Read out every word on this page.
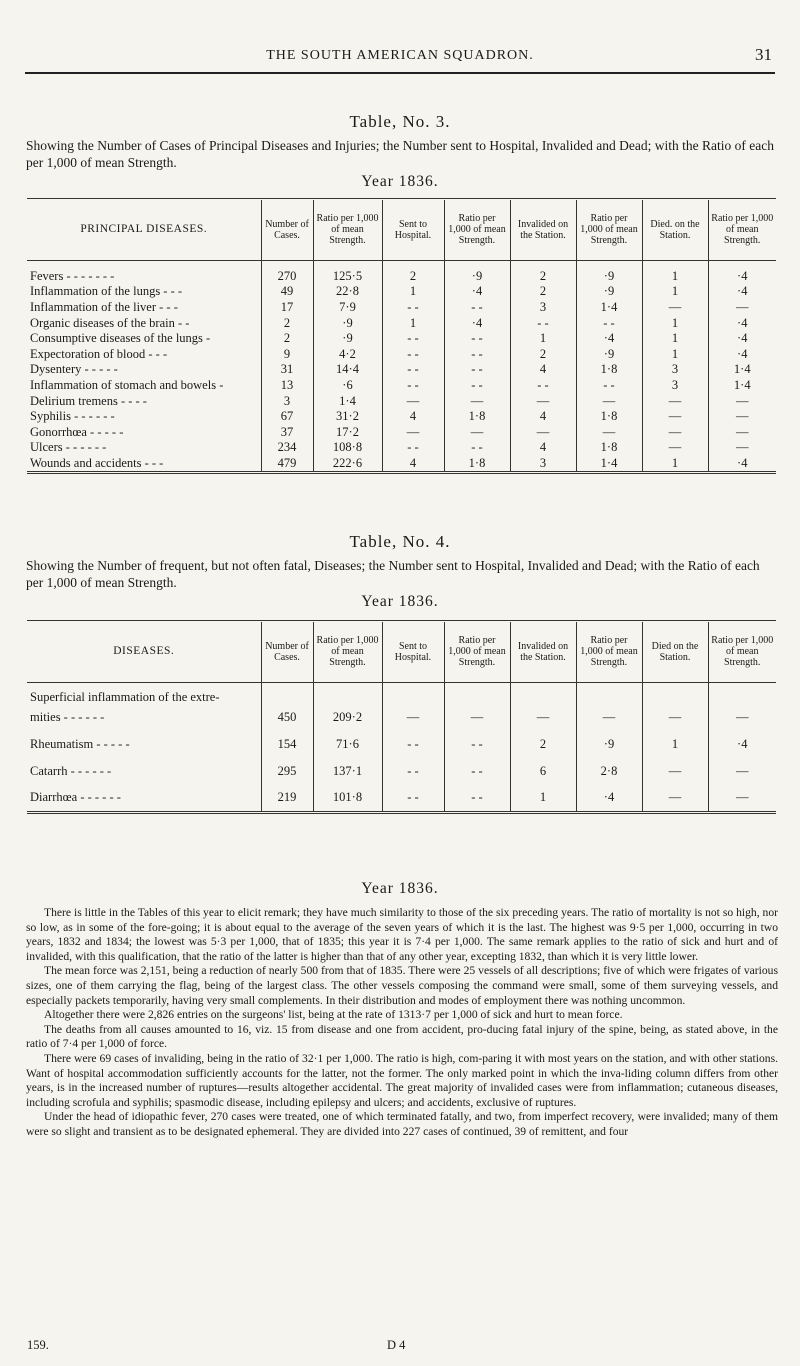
THE SOUTH AMERICAN SQUADRON.	31
Table, No. 3.
Showing the Number of Cases of Principal Diseases and Injuries; the Number sent to Hospital, Invalided and Dead; with the Ratio of each per 1,000 of mean Strength.
Year 1836.
PRINCIPAL DISEASES.	Number of Cases.	Ratio per 1,000 of mean Strength.	Sent to Hospital.	Ratio per 1,000 of mean Strength.	Invalided on the Station.	Ratio per 1,000 of mean Strength.	Died. on the Station.	Ratio per 1,000 of mean Strength.
Fevers - - - - - - -	270	125·5	2	·9	2	·9	1	·4
Inflammation of the lungs - - -	49	22·8	1	·4	2	·9	1	·4
Inflammation of the liver - - -	17	7·9	- -	- -	3	1·4	—	—
Organic diseases of the brain - -	2	·9	1	·4	- -	- -	1	·4
Consumptive diseases of the lungs -	2	·9	- -	- -	1	·4	1	·4
Expectoration of blood - - -	9	4·2	- -	- -	2	·9	1	·4
Dysentery - - - - -	31	14·4	- -	- -	4	1·8	3	1·4
Inflammation of stomach and bowels -	13	·6	- -	- -	- -	- -	3	1·4
Delirium tremens - - - -	3	1·4	—	—	—	—	—	—
Syphilis - - - - - -	67	31·2	4	1·8	4	1·8	—	—
Gonorrhœa - - - - -	37	17·2	—	—	—	—	—	—
Ulcers - - - - - -	234	108·8	- -	- -	4	1·8	—	—
Wounds and accidents - - -	479	222·6	4	1·8	3	1·4	1	·4
Table, No. 4.
Showing the Number of frequent, but not often fatal, Diseases; the Number sent to Hospital, Invalided and Dead; with the Ratio of each per 1,000 of mean Strength.
Year 1836.
DISEASES.	Number of Cases.	Ratio per 1,000 of mean Strength.	Sent to Hospital.	Ratio per 1,000 of mean Strength.	Invalided on the Station.	Ratio per 1,000 of mean Strength.	Died on the Station.	Ratio per 1,000 of mean Strength.
Superficial inflammation of the extre-								
mities - - - - - -	450	209·2	—	—	—	—	—	—
Rheumatism - - - - -	154	71·6	- -	- -	2	·9	1	·4
Catarrh - - - - - -	295	137·1	- -	- -	6	2·8	—	—
Diarrhœa - - - - - -	219	101·8	- -	- -	1	·4	—	—
Year 1836.

There is little in the Tables of this year to elicit remark; they have much similarity to those of the six preceding years. The ratio of mortality is not so high, nor so low, as in some of the fore-going; it is about equal to the average of the seven years of which it is the last. The highest was 9·5 per 1,000, occurring in two years, 1832 and 1834; the lowest was 5·3 per 1,000, that of 1835; this year it is 7·4 per 1,000. The same remark applies to the ratio of sick and hurt and of invalided, with this qualification, that the ratio of the latter is higher than that of any other year, excepting 1832, than which it is very little lower.

The mean force was 2,151, being a reduction of nearly 500 from that of 1835. There were 25 vessels of all descriptions; five of which were frigates of various sizes, one of them carrying the flag, being of the largest class. The other vessels composing the command were small, some of them surveying vessels, and especially packets temporarily, having very small complements. In their distribution and modes of employment there was nothing uncommon.

Altogether there were 2,826 entries on the surgeons' list, being at the rate of 1313·7 per 1,000 of sick and hurt to mean force.

The deaths from all causes amounted to 16, viz. 15 from disease and one from accident, pro-ducing fatal injury of the spine, being, as stated above, in the ratio of 7·4 per 1,000 of force.

There were 69 cases of invaliding, being in the ratio of 32·1 per 1,000. The ratio is high, com-paring it with most years on the station, and with other stations. Want of hospital accommodation sufficiently accounts for the latter, not the former. The only marked point in which the inva-liding column differs from other years, is in the increased number of ruptures—results altogether accidental. The great majority of invalided cases were from inflammation; cutaneous diseases, including scrofula and syphilis; spasmodic disease, including epilepsy and ulcers; and accidents, exclusive of ruptures.

Under the head of idiopathic fever, 270 cases were treated, one of which terminated fatally, and two, from imperfect recovery, were invalided; many of them were so slight and transient as to be designated ephemeral. They are divided into 227 cases of continued, 39 of remittent, and four

159.	D 4
